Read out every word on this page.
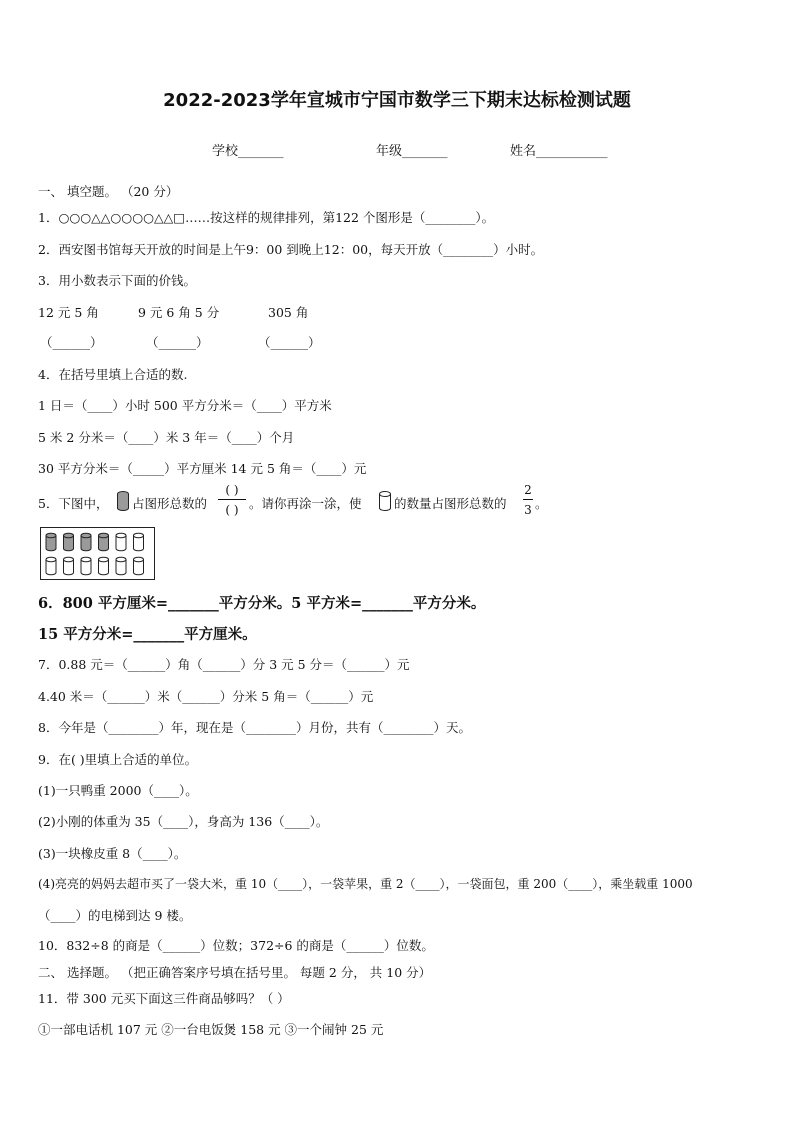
2022-2023学年宣城市宁国市数学三下期末达标检测试题
学校_______	年级_______	姓名___________
一、 填空题。 （20 分）
1．○○○△△○○○○△△□……按这样的规律排列，第122 个图形是（________）。
2．西安图书馆每天开放的时间是上午9：00 到晚上12：00，每天开放（________）小时。
3．用小数表示下面的价钱。
12 元 5 角	9 元 6 角 5 分	305 角
（______）	（______）	（______）
4．在括号里填上合适的数.
1 日＝（____）小时 500 平方分米＝（____）平方米
5 米 2 分米＝（____）米 3 年＝（____）个月
30 平方分米＝（_____）平方厘米 14 元 5 角＝（____）元
5．下图中， 占图形总数的
( )
( ) 。请你再涂一涂，使	的数量占图形总数的
2
3 。
6．800 平方厘米=_______平方分米。5 平方米=_______平方分米。
15 平方分米=_______平方厘米。
7．0.88 元＝（______）角（______）分 3 元 5 分＝（______）元
4.40 米＝（______）米（______）分米 5 角＝（______）元
8．今年是（________）年，现在是（________）月份，共有（________）天。
9．在( )里填上合适的单位。
(1)一只鸭重 2000（____）。
(2)小刚的体重为 35（____），身高为 136（____）。
(3)一块橡皮重 8（____）。
(4)亮亮的妈妈去超市买了一袋大米，重 10（____），一袋苹果，重 2（____），一袋面包，重 200（____），乘坐载重 1000
（____）的电梯到达 9 楼。
10．832÷8 的商是（______）位数；372÷6 的商是（______）位数。
二、 选择题。 （把正确答案序号填在括号里。 每题 2 分， 共 10 分）
11．带 300 元买下面这三件商品够吗？（ ）
①一部电话机 107 元 ②一台电饭煲 158 元 ③一个闹钟 25 元
